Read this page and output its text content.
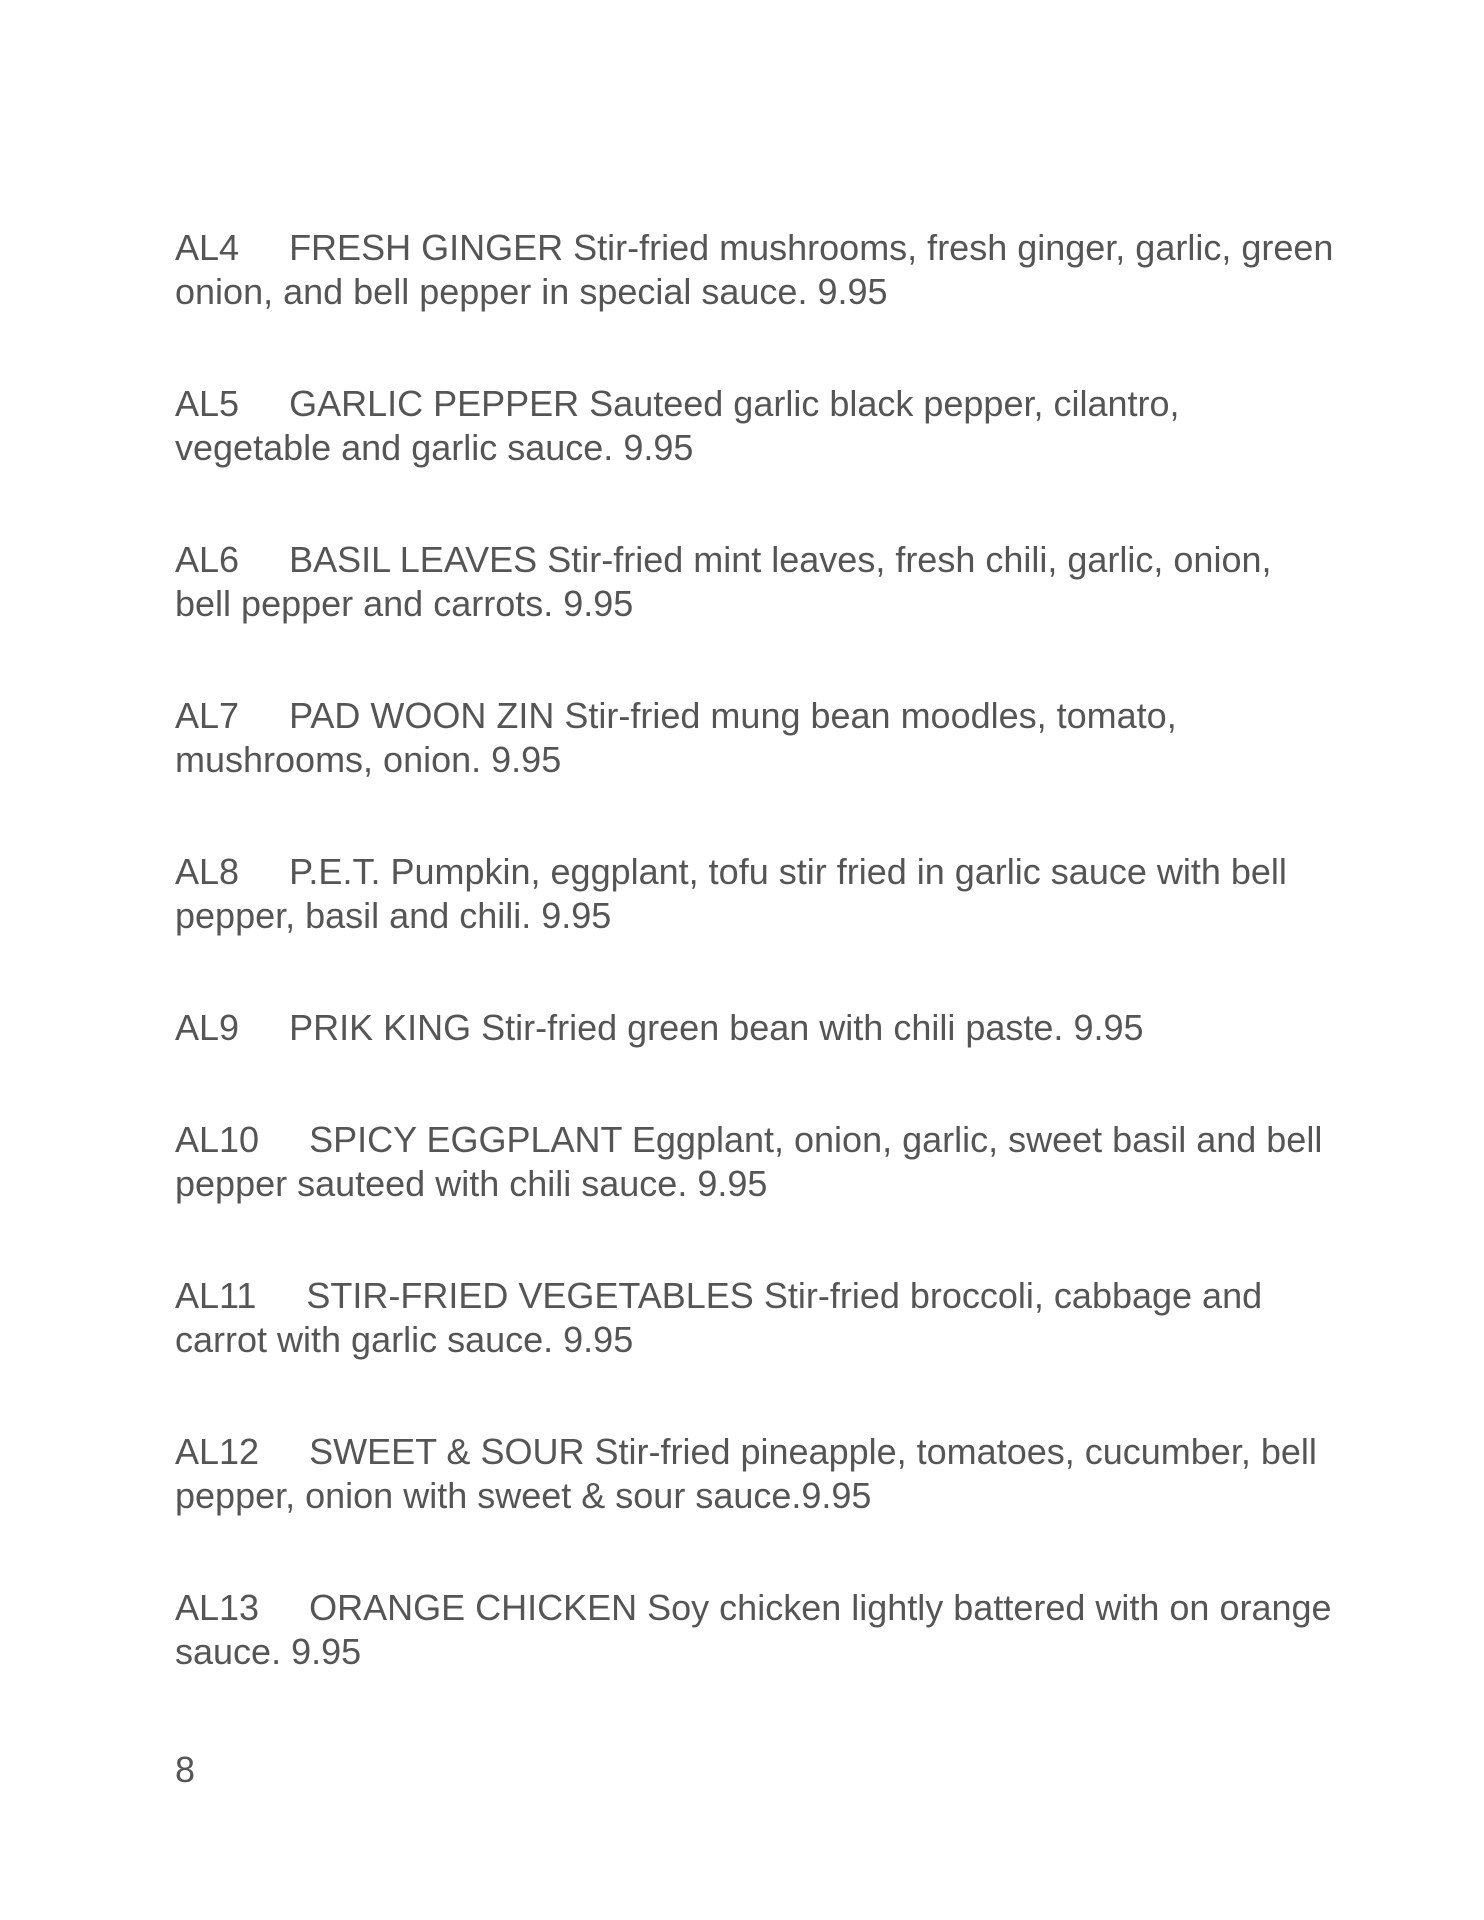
AL4 FRESH GINGER Stir-fried mushrooms, fresh ginger, garlic, green onion, and bell pepper in special sauce. 9.95

AL5 GARLIC PEPPER Sauteed garlic black pepper, cilantro, vegetable and garlic sauce. 9.95

AL6 BASIL LEAVES Stir-fried mint leaves, fresh chili, garlic, onion, bell pepper and carrots. 9.95

AL7 PAD WOON ZIN Stir-fried mung bean moodles, tomato, mushrooms, onion. 9.95

AL8 P.E.T. Pumpkin, eggplant, tofu stir fried in garlic sauce with bell pepper, basil and chili. 9.95

AL9 PRIK KING Stir-fried green bean with chili paste. 9.95

AL10 SPICY EGGPLANT Eggplant, onion, garlic, sweet basil and bell pepper sauteed with chili sauce. 9.95

AL11 STIR-FRIED VEGETABLES Stir-fried broccoli, cabbage and carrot with garlic sauce. 9.95

AL12 SWEET & SOUR Stir-fried pineapple, tomatoes, cucumber, bell pepper, onion with sweet & sour sauce.9.95

AL13 ORANGE CHICKEN Soy chicken lightly battered with on orange sauce. 9.95

8
